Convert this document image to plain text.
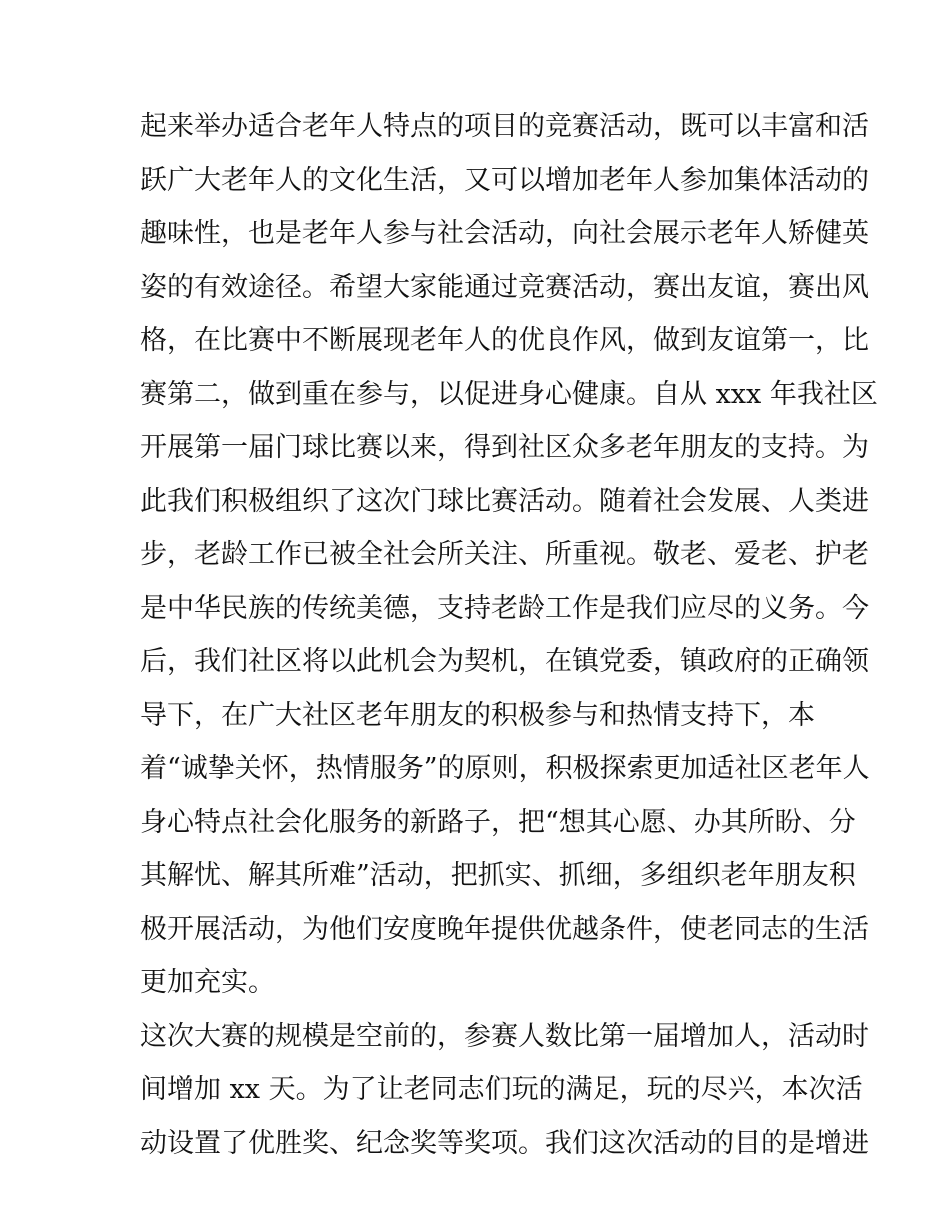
起来举办适合老年人特点的项目的竞赛活动，既可以丰富和活
跃广大老年人的文化生活，又可以增加老年人参加集体活动的
趣味性，也是老年人参与社会活动，向社会展示老年人矫健英
姿的有效途径。希望大家能通过竞赛活动，赛出友谊，赛出风
格，在比赛中不断展现老年人的优良作风，做到友谊第一，比
赛第二，做到重在参与，以促进身心健康。自从 xxx 年我社区
开展第一届门球比赛以来，得到社区众多老年朋友的支持。为
此我们积极组织了这次门球比赛活动。随着社会发展、人类进
步，老龄工作已被全社会所关注、所重视。敬老、爱老、护老
是中华民族的传统美德，支持老龄工作是我们应尽的义务。今
后，我们社区将以此机会为契机，在镇党委，镇政府的正确领
导下，在广大社区老年朋友的积极参与和热情支持下，本
着“诚挚关怀，热情服务”的原则，积极探索更加适社区老年人
身心特点社会化服务的新路子，把“想其心愿、办其所盼、分
其解忧、解其所难”活动，把抓实、抓细，多组织老年朋友积
极开展活动，为他们安度晚年提供优越条件，使老同志的生活
更加充实。
这次大赛的规模是空前的，参赛人数比第一届增加人，活动时
间增加 xx 天。为了让老同志们玩的满足，玩的尽兴，本次活
动设置了优胜奖、纪念奖等奖项。我们这次活动的目的是增进
